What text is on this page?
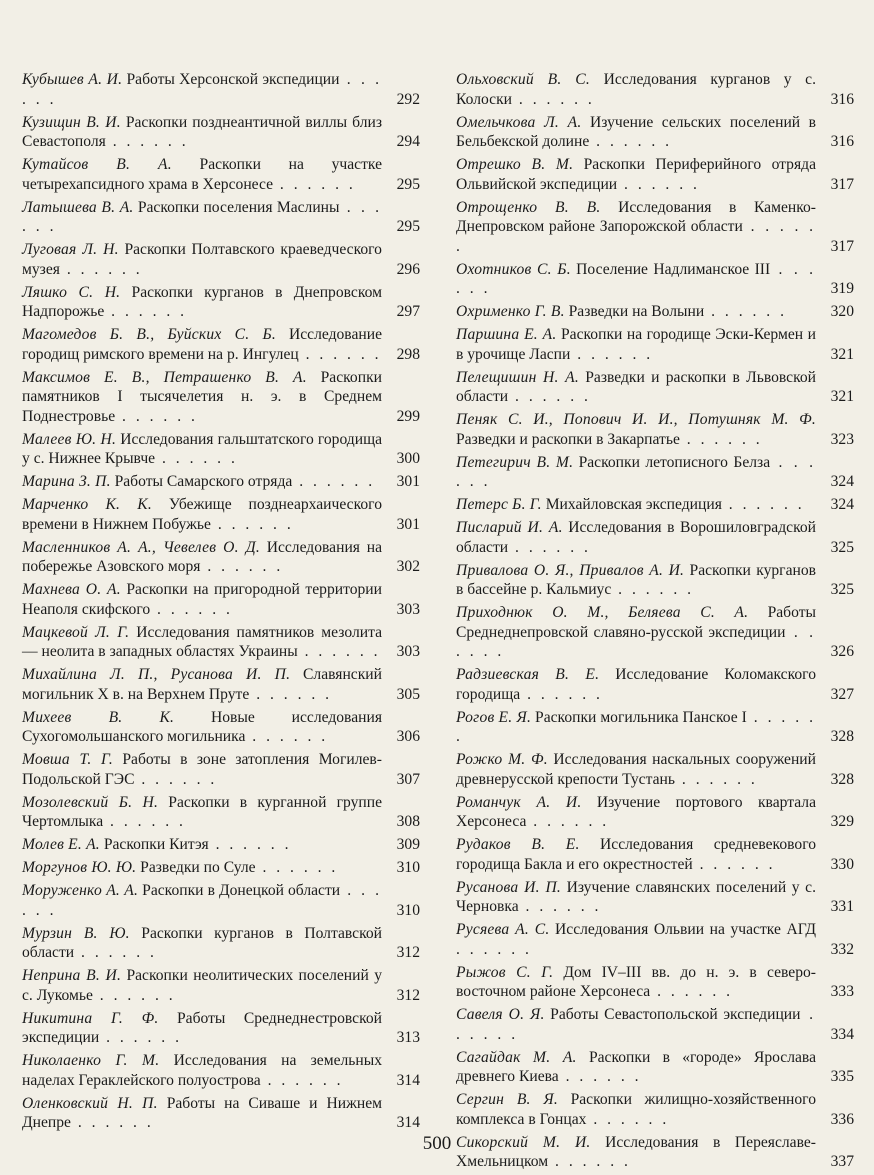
Кубышев А. И. Работы Херсонской экспедиции . . . . . .	292
Кузищин В. И. Раскопки позднеантичной виллы близ Севастополя . . . . . .	294
Кутайсов В. А. Раскопки на участке четырехапсидного храма в Херсонесе . . . . . .	295
Латышева В. А. Раскопки поселения Маслины . . . . . .	295
Луговая Л. Н. Раскопки Полтавского краеведческого музея . . . . . .	296
Ляшко С. Н. Раскопки курганов в Днепровском Надпорожье . . . . . .	297
Магомедов Б. В., Буйских С. Б. Исследование городищ римского времени на р. Ингулец . . . . . . 298
Максимов Е. В., Петрашенко В. А. Раскопки памятников I тысячелетия н. э. в Среднем Поднестровье . . . . . .	299
Малеев Ю. Н. Исследования гальштатского городища у с. Нижнее Крывче . . . . . .	300
Марина З. П. Работы Самарского отряда . . . . . .	301
Марченко К. К. Убежище позднеархаического времени в Нижнем Побужье . . . . . .	301
Масленников А. А., Чевелев О. Д. Исследования на побережье Азовского моря . . . . . .	302
Махнева О. А. Раскопки на пригородной территории Неаполя скифского . . . . . .	303
Мацкевой Л. Г. Исследования памятников мезолита — неолита в западных областях Украины . . . . . .	303
Михайлина Л. П., Русанова И. П. Славянский могильник X в. на Верхнем Пруте . . . . . .	305
Михеев В. К. Новые исследования Сухогомольшанского могильника . . . . . .	306
Мовша Т. Г. Работы в зоне затопления Могилев-Подольской ГЭС . . . . . .	307
Мозолевский Б. Н. Раскопки в курганной группе Чертомлыка . . . . . .	308
Молев Е. А. Раскопки Китэя . . . . . .	309
Моргунов Ю. Ю. Разведки по Суле . . . . . .	310
Моруженко А. А. Раскопки в Донецкой области . . . . . .	310
Мурзин В. Ю. Раскопки курганов в Полтавской области . . . . . .	312
Неприна В. И. Раскопки неолитических поселений у с. Лукомье . . . . . .	312
Никитина Г. Ф. Работы Среднеднестровской экспедиции . . . . . .	313
Николаенко Г. М. Исследования на земельных наделах Гераклейского полуострова . . . . . .	314
Оленковский Н. П. Работы на Сиваше и Нижнем Днепре . . . . . .	314
Ольховский В. С. Исследования курганов у с. Колоски . . . . . .	316
Омельчкова Л. А. Изучение сельских поселений в Бельбекской долине . . . . . .	316
Отрешко В. М. Раскопки Периферийного отряда Ольвийской экспедиции . . . . . .	317
Отрощенко В. В. Исследования в Каменко-Днепровском районе Запорожской области . . . . . .	317
Охотников С. Б. Поселение Надлиманское III . . . . . .	319
Охрименко Г. В. Разведки на Волыни . . . . . .	320
Паршина Е. А. Раскопки на городище Эски-Кермен и в урочище Ласпи . . . . . .	321
Пелещишин Н. А. Разведки и раскопки в Львовской области . . . . . .	321
Пеняк С. И., Попович И. И., Потушняк М. Ф. Разведки и раскопки в Закарпатье . . . . . .	323
Петегирич В. М. Раскопки летописного Белза . . . . . .	324
Петерс Б. Г. Михайловская экспедиция . . . . . .	324
Писларий И. А. Исследования в Ворошиловградской области . . . . . .	325
Привалова О. Я., Привалов А. И. Раскопки курганов в бассейне р. Кальмиус . . . . . .	325
Приходнюк О. М., Беляева С. А. Работы Среднеднепровской славяно-русской экспедиции . . . . . .	326
Радзиевская В. Е. Исследование Коломакского городища . . . . . .	327
Рогов Е. Я. Раскопки могильника Панское I . . . . . .	328
Рожко М. Ф. Исследования наскальных сооружений древнерусской крепости Тустань . . . . . .	328
Романчук А. И. Изучение портового квартала Херсонеса . . . . . .	329
Рудаков В. Е. Исследования средневекового городища Бакла и его окрестностей . . . . . .	330
Русанова И. П. Изучение славянских поселений у с. Черновка . . . . . .	331
Русяева А. С. Исследования Ольвии на участке АГД . . . . . .	332
Рыжов С. Г. Дом IV–III вв. до н. э. в северо-восточном районе Херсонеса . . . . . .	333
Савеля О. Я. Работы Севастопольской экспедиции . . . . . .	334
Сагайдак М. А. Раскопки в «городе» Ярослава древнего Киева . . . . . .	335
Сергин В. Я. Раскопки жилищно-хозяйственного комплекса в Гонцах . . . . . .	336
Сикорский М. И. Исследования в Переяславе-Хмельницком . . . . . .	337
500
